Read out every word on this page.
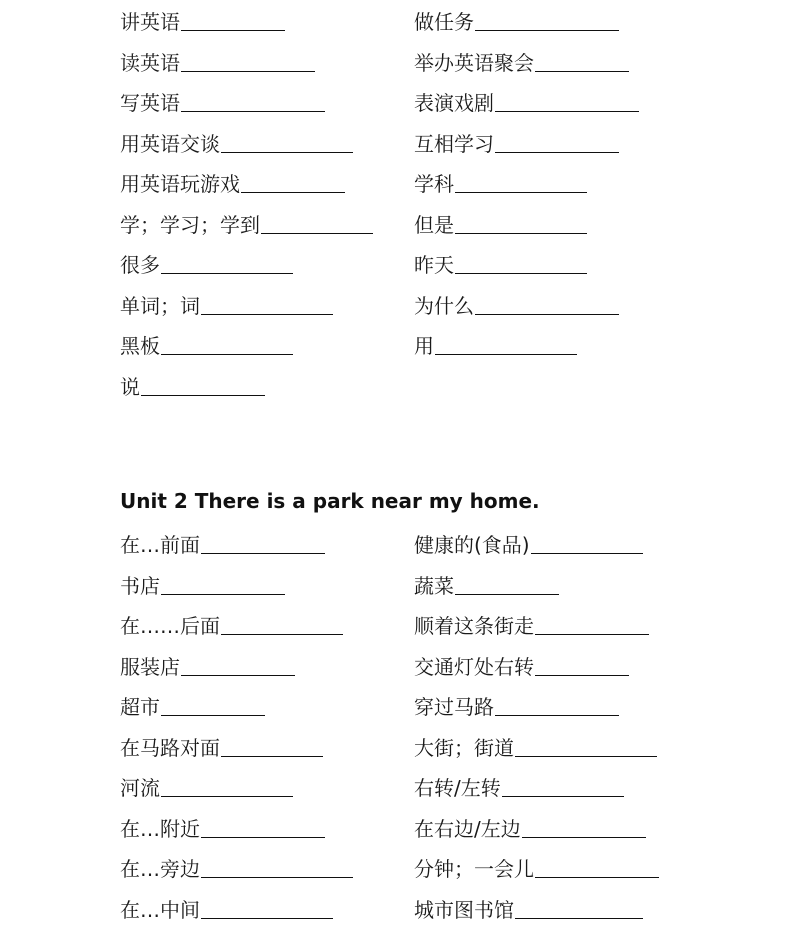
讲英语	做任务
读英语	举办英语聚会
写英语	表演戏剧
用英语交谈	互相学习
用英语玩游戏	学科
学；学习；学到	但是
很多	昨天
单词；词	为什么
黑板	用
说
Unit 2 There is a park near my home.
在…前面	健康的(食品)
书店	蔬菜
在……后面	顺着这条街走
服装店	交通灯处右转
超市	穿过马路
在马路对面	大街；街道
河流	右转/左转
在…附近	在右边/左边
在…旁边	分钟；一会儿
在…中间	城市图书馆
